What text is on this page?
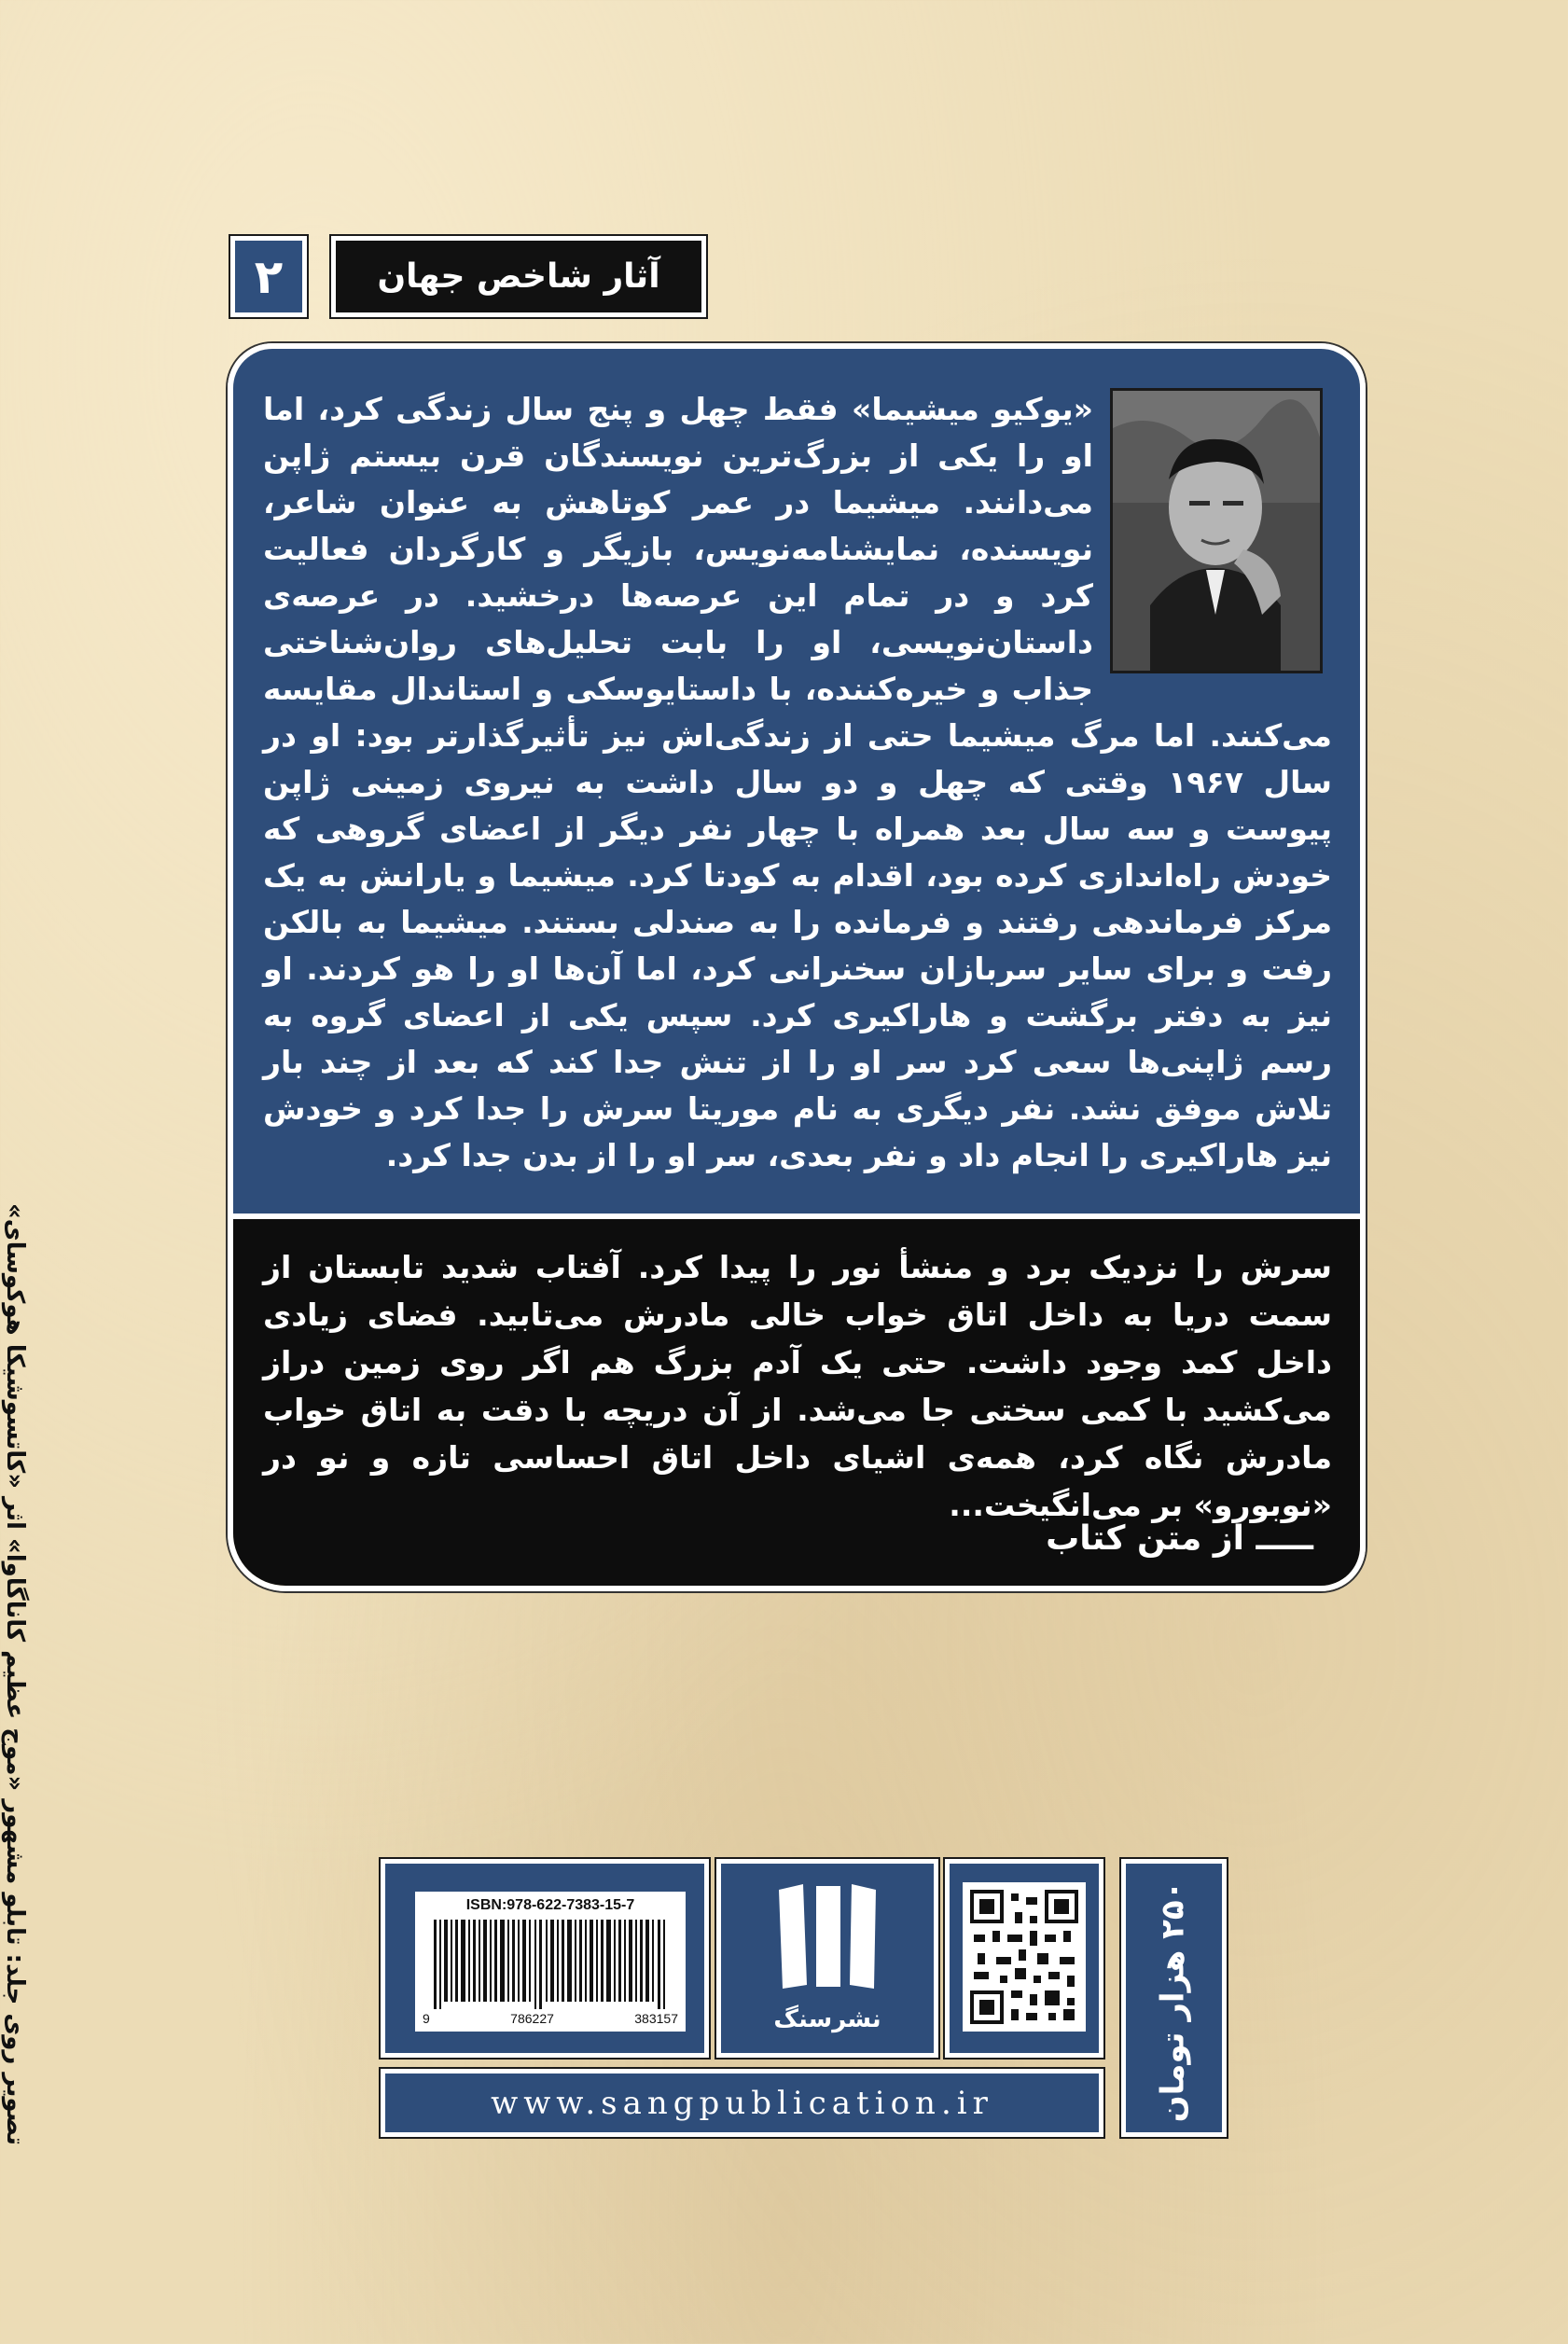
۲	آثار شاخص جهان
«یوکیو میشیما» فقط چهل و پنج سال زندگی کرد، اما او را یکی از بزرگ‌ترین نویسندگان قرن بیستم ژاپن می‌دانند. میشیما در عمر کوتاهش به عنوان شاعر، نویسنده، نمایشنامه‌نویس، بازیگر و کارگردان فعالیت کرد و در تمام این عرصه‌ها درخشید. در عرصه‌ی داستان‌نویسی، او را بابت تحلیل‌های روان‌شناختی جذاب و خیره‌کننده، با داستایوسکی و استاندال مقایسه می‌کنند. اما مرگ میشیما حتی از زندگی‌اش نیز تأثیرگذارتر بود: او در سال ۱۹۶۷ وقتی که چهل و دو سال داشت به نیروی زمینی ژاپن پیوست و سه سال بعد همراه با چهار نفر دیگر از اعضای گروهی که خودش راه‌اندازی کرده بود، اقدام به کودتا کرد. میشیما و یارانش به یک مرکز فرماندهی رفتند و فرمانده را به صندلی بستند. میشیما به بالکن رفت و برای سایر سربازان سخنرانی کرد، اما آن‌ها او را هو کردند. او نیز به دفتر برگشت و هاراکیری کرد. سپس یکی از اعضای گروه به رسم ژاپنی‌ها سعی کرد سر او را از تنش جدا کند که بعد از چند بار تلاش موفق نشد. نفر دیگری به نام موریتا سرش را جدا کرد و خودش نیز هاراکیری را انجام داد و نفر بعدی، سر او را از بدن جدا کرد.
سرش را نزدیک برد و منشأ نور را پیدا کرد. آفتاب شدید تابستان از سمت دریا به داخل اتاق خواب خالی مادرش می‌تابید. فضای زیادی داخل کمد وجود داشت. حتی یک آدم بزرگ هم اگر روی زمین دراز می‌کشید با کمی سختی جا می‌شد. از آن دریچه با دقت به اتاق خواب مادرش نگاه کرد، همه‌ی اشیای داخل اتاق احساسی تازه و نو در «نوبورو» بر می‌انگیخت...
ـــــ از متن کتاب
تصویر روی جلد: تابلو مشهور «موج عظیم کاناگاوا» اثر «کاتسوشیکا هوکوسای»	ISBN:978-622-7383-15-7
9	786227	383157	نشرسنگ
www.sangpublication.ir	۲۵۰ هزار تومان
